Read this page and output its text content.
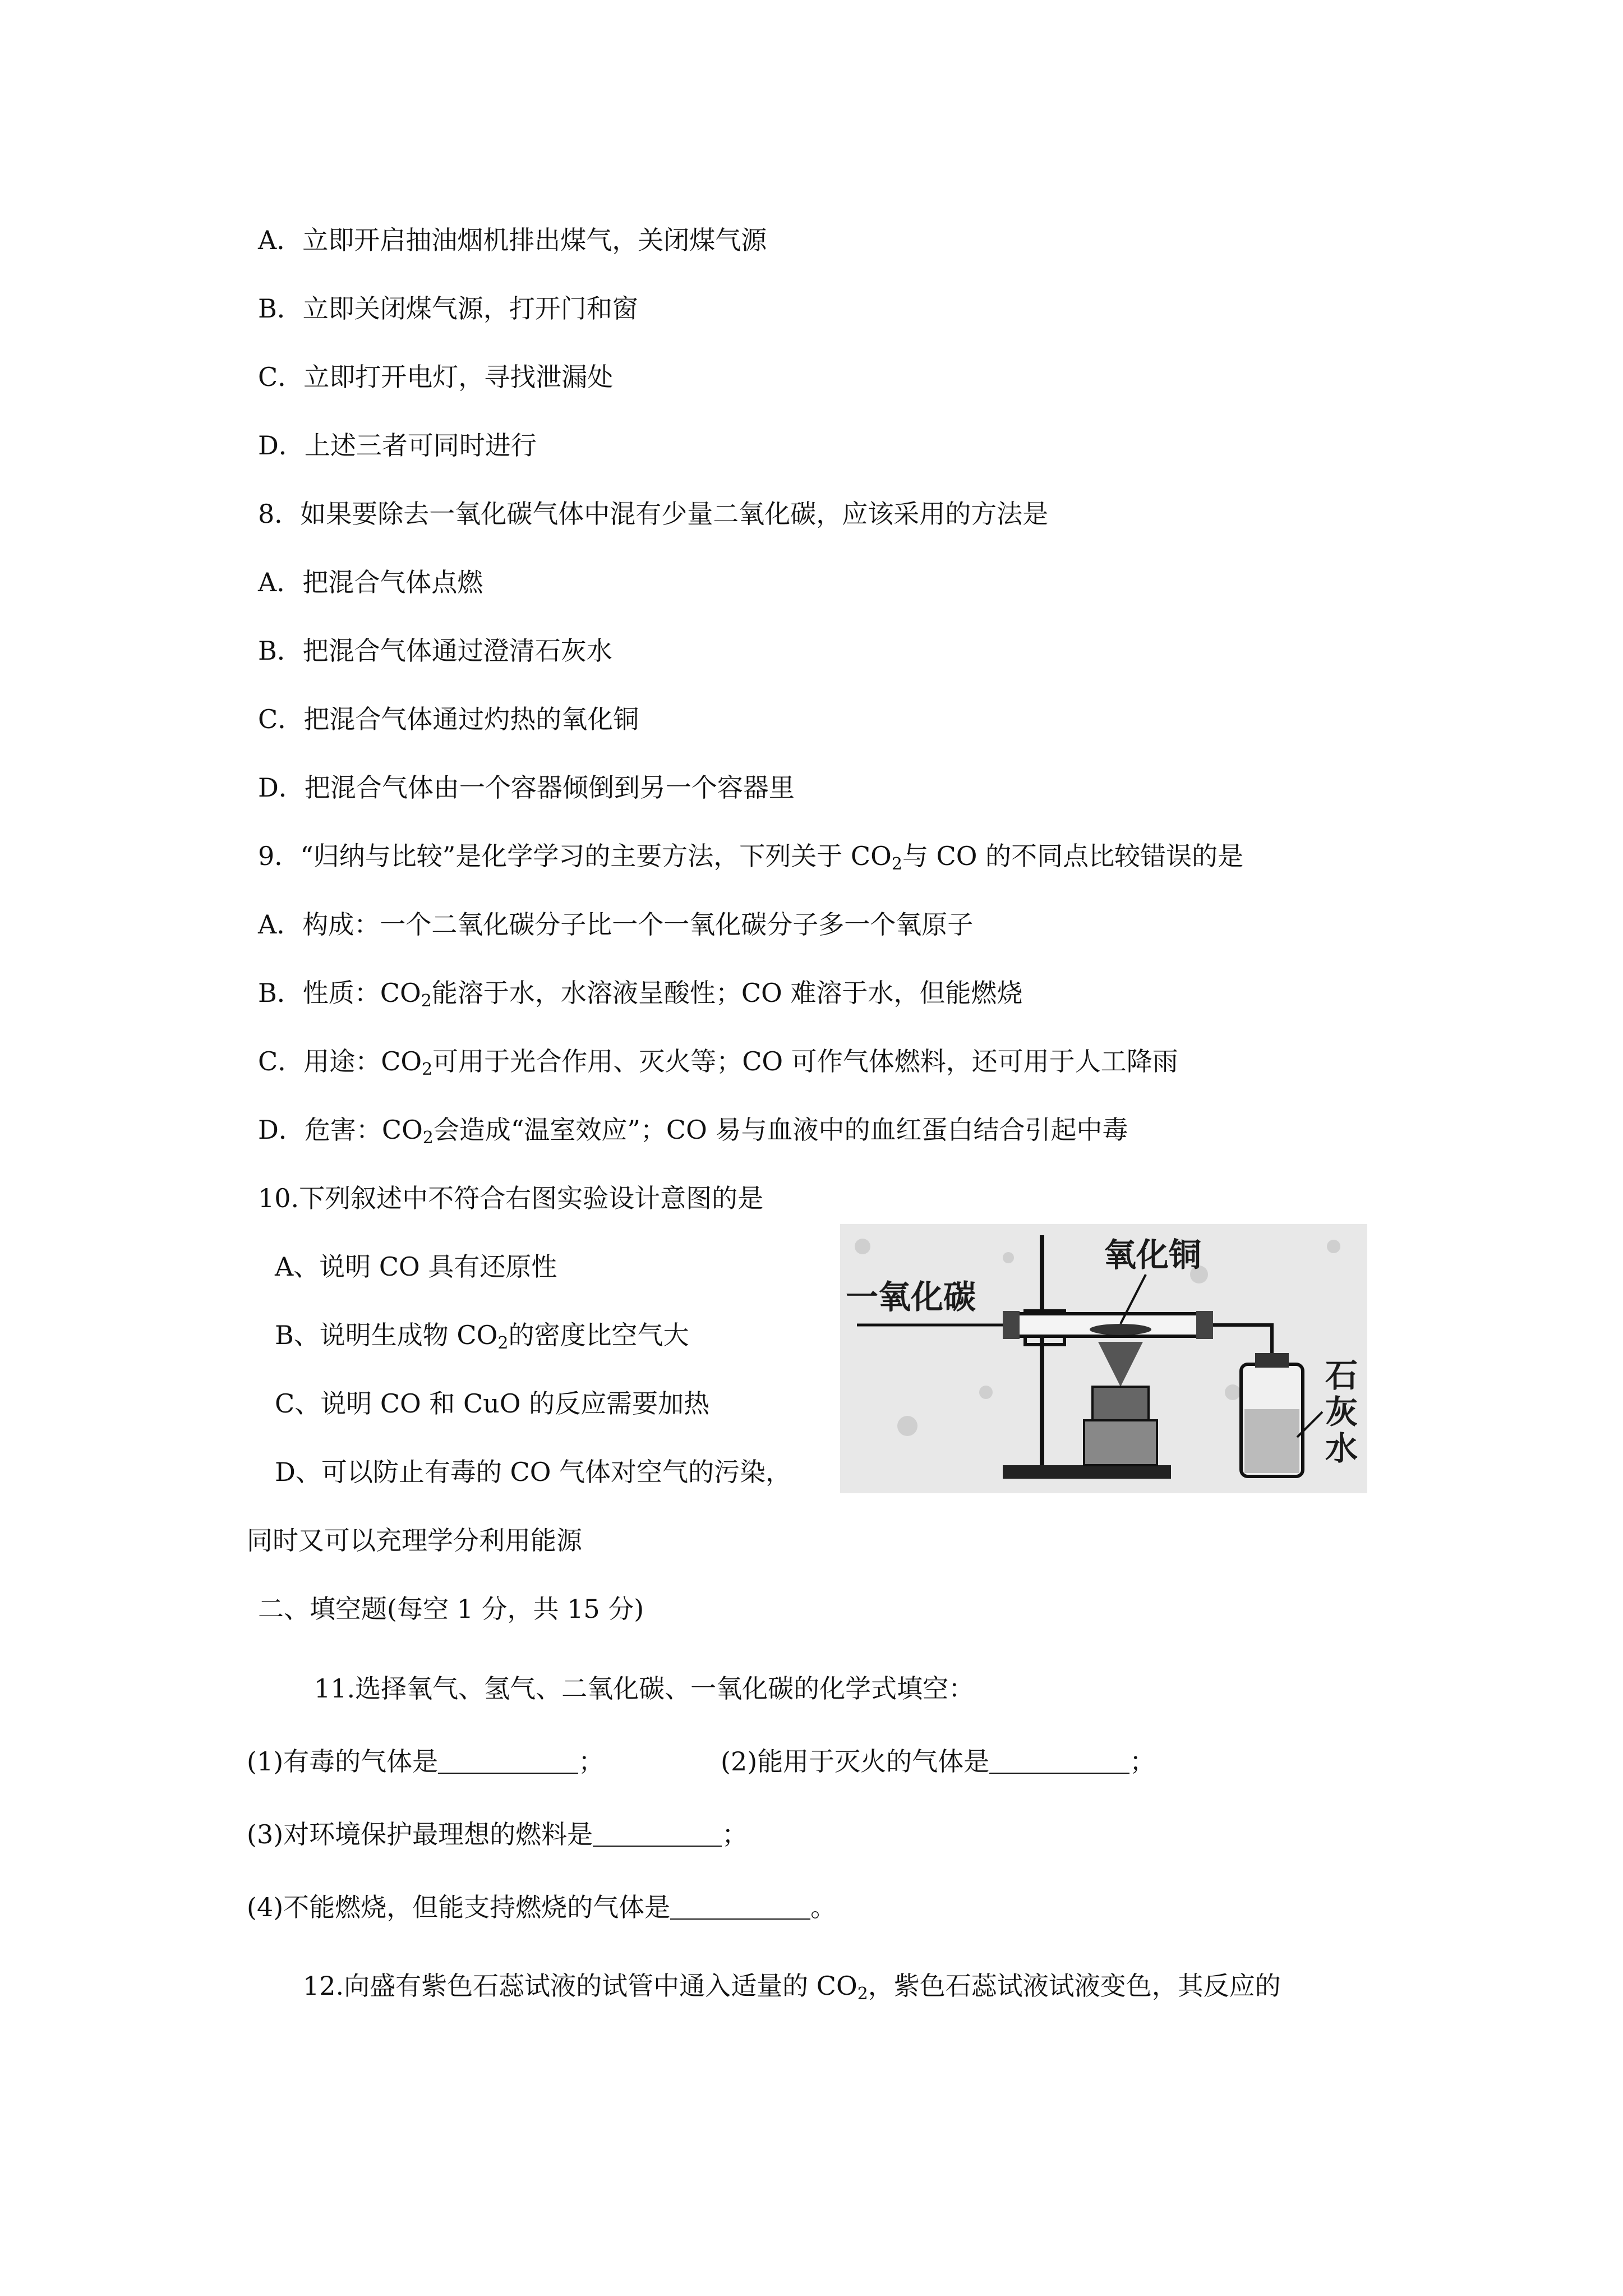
A．立即开启抽油烟机排出煤气，关闭煤气源
B．立即关闭煤气源，打开门和窗
C．立即打开电灯，寻找泄漏处
D．上述三者可同时进行
8．如果要除去一氧化碳气体中混有少量二氧化碳，应该采用的方法是
A．把混合气体点燃
B．把混合气体通过澄清石灰水
C．把混合气体通过灼热的氧化铜
D．把混合气体由一个容器倾倒到另一个容器里
9．“归纳与比较”是化学学习的主要方法，下列关于 $CO_2$与 CO 的不同点比较错误的是
A．构成：一个二氧化碳分子比一个一氧化碳分子多一个氧原子
B．性质：$CO_2$能溶于水，水溶液呈酸性；CO 难溶于水，但能燃烧
C．用途：$CO_2$可用于光合作用、灭火等；CO 可作气体燃料，还可用于人工降雨
D．危害：$CO_2$会造成“温室效应”；CO 易与血液中的血红蛋白结合引起中毒
10.下列叙述中不符合右图实验设计意图的是
A、说明 CO 具有还原性
B、说明生成物 $CO_2$的密度比空气大
C、说明 CO 和 CuO 的反应需要加热
D、可以防止有毒的 CO 气体对空气的污染，
同时又可以充理学分利用能源
一氧化碳
氧化铜
石
灰
水
二、填空题(每空 1 分，共 15 分)
11.选择氧气、氢气、二氧化碳、一氧化碳的化学式填空：
(1)有毒的气体是	；	(2)能用于灭火的气体是	；
(3)对环境保护最理想的燃料是	；
(4)不能燃烧，但能支持燃烧的气体是	。
12.向盛有紫色石蕊试液的试管中通入适量的 $CO_2$，紫色石蕊试液试液变色，其反应的
